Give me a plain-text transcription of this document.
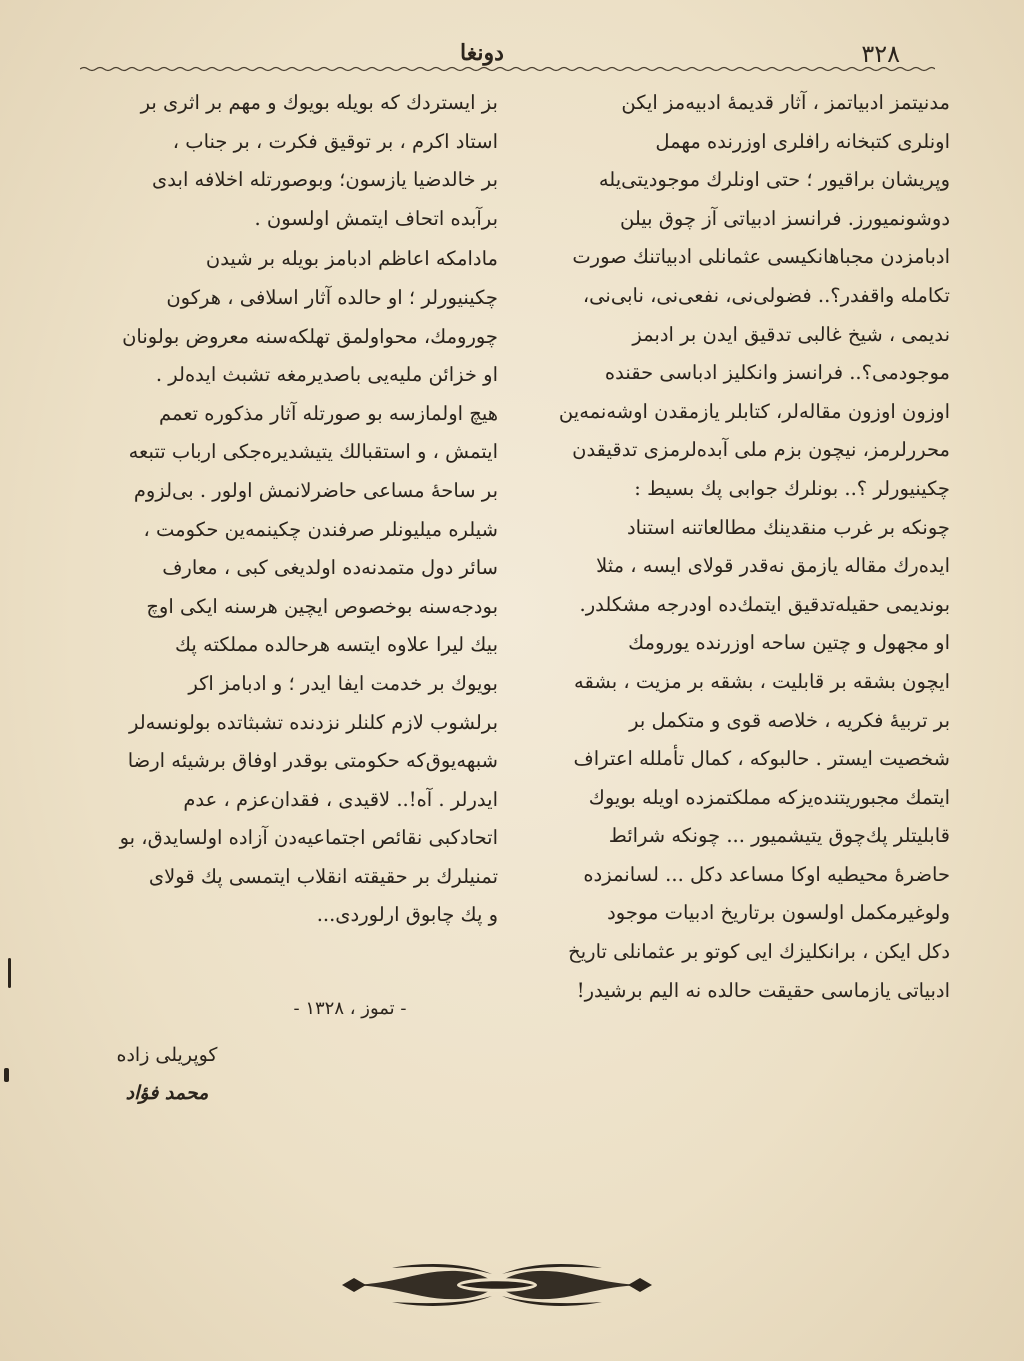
٣٢٨
دونغا

مدنیتمز ادبیاتمز ، آثار قدیمهٔ ادبیه‌مز ایکن
اونلری کتبخانه رافلری اوزرنده مهمل
وپریشان براقیور ؛ حتی اونلرك موجودیتی‌یله
دوشونمیورز. فرانسز ادبیاتی آز چوق بیلن
ادبامزدن مجباهانکیسی عثمانلی ادبیاتنك صورت
تکامله واقفدر؟.. فضولی‌نی، نفعی‌نی، نابی‌نی،
ندیمی ، شیخ غالبی تدقیق ایدن بر ادبمز
موجودمی؟.. فرانسز وانکلیز ادباسی حقنده
اوزون اوزون مقاله‌لر، کتابلر یازمقدن اوشه‌نمه‌ین
محررلرمز، نیچون بزم ملی آبده‌لرمزی تدقیقدن
چکینیورلر ؟.. بونلرك جوابی پك بسیط :
چونکه بر غرب منقدینك مطالعاتنه استناد
ایده‌رك مقاله یازمق نه‌قدر قولای ایسه ، مثلا
بوندیمی حقیله‌تدقیق ایتمك‌ده اودرجه مشکلدر.
او مجهول و چتین ساحه اوزرنده یورومك
ایچون بشقه بر قابلیت ، بشقه بر مزیت ، بشقه
بر تربیهٔ فکریه ، خلاصه قوی و متکمل بر
شخصیت ایستر . حالبوکه ، کمال تأملله اعتراف
ایتمك مجبوریتنده‌یزکه مملکتمزده اویله بویوك
قابلیتلر پك‌چوق یتیشمیور ... چونکه شرائط
حاضرهٔ محیطیه اوکا مساعد دکل ... لسانمزده
ولوغیرمکمل اولسون برتاریخ ادبیات موجود
دکل ایکن ، برانکلیزك ایی کوتو بر عثمانلی تاریخ
ادبیاتی یازماسی حقیقت حالده نه الیم برشیدر!

بز ایستردك که بویله بویوك و مهم بر اثری بر
استاد اکرم ، بر توقیق فکرت ، بر جناب ،
بر خالدضیا یازسون؛ وبوصورتله اخلافه ابدی
برآبده اتحاف ایتمش اولسون .

مادامکه اعاظم ادبامز بویله بر شیدن
چکینیورلر ؛ او حالده آثار اسلافی ، هرکون
چورومك، محواولمق تهلکه‌سنه معروض بولونان
او خزائن ملیه‌یی باصدیرمغه تشبث ایده‌لر .
هیچ اولمازسه بو صورتله آثار مذکوره تعمم
ایتمش ، و استقبالك یتیشدیره‌جکی ارباب تتبعه
بر ساحهٔ مساعی حاضرلانمش اولور . بی‌لزوم
شیلره میلیونلر صرفندن چکینمه‌ین حکومت ،
سائر دول متمدنه‌ده اولدیغی کبی ، معارف
بودجه‌سنه بوخصوص ایچین هرسنه ایکی اوچ
بیك لیرا علاوه ایتسه هرحالده مملکته پك
بویوك بر خدمت ایفا ایدر ؛ و ادبامز اکر
برلشوب لازم کلنلر نزدنده تشبثاتده بولونسه‌لر
شبهه‌یوق‌که حکومتی بوقدر اوفاق برشیئه ارضا
ایدرلر . آه!.. لاقیدی ، فقدان‌عزم ، عدم
اتحادکبی نقائص اجتماعیه‌دن آزاده اولسایدق، بو
تمنیلرك بر حقیقته انقلاب ایتمسی پك قولای
و پك چابوق ارلوردی...

- تموز ، ١٣٢٨ -
کوپریلی زاده
محمد فؤاد
